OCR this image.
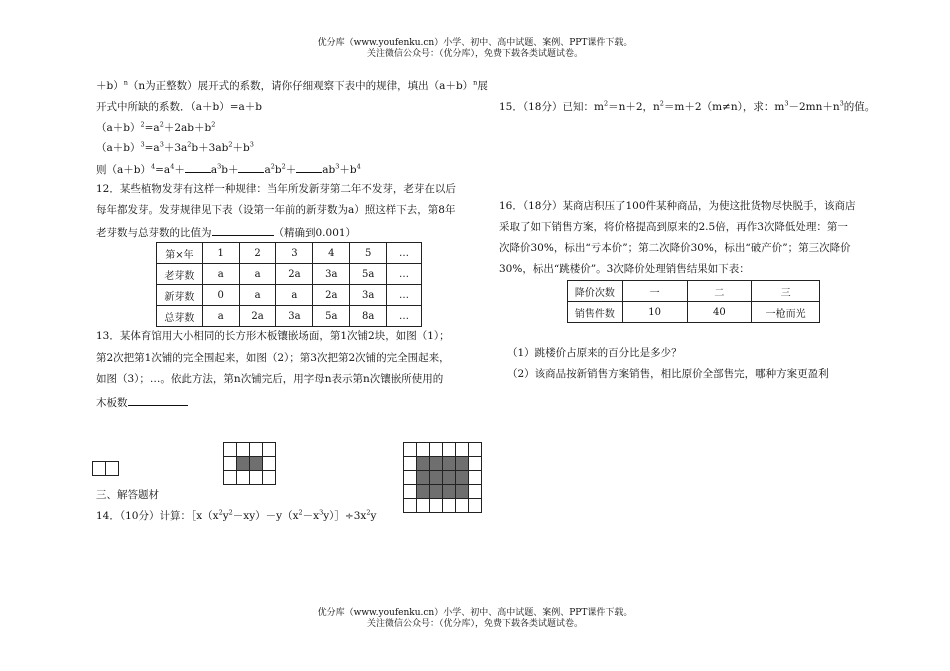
优分库（www.youfenku.cn）小学、初中、高中试题、案例、PPT课件下载。
关注微信公众号：（优分库），免费下载各类试题试卷。
＋b）$^n$（n为正整数）展开式的系数，请你仔细观察下表中的规律，填出$(a+b)^n$展
开式中所缺的系数．（a＋b）=a＋b
$(a+b)^2=a^2+2ab+b^2$
$(a+b)^3=a^3+3a^2b+3ab^2+b^3$
则$(a+b)^4=a^4+ a^3b+ a^2b^2+ ab^3+b^4$
12．某些植物发芽有这样一种规律：当年所发新芽第二年不发芽，老芽在以后
每年都发芽。发芽规律见下表（设第一年前的新芽数为a）照这样下去，第8年
老芽数与总芽数的比值为	（精确到0.001）
第×年	1	2	3	4	5	…
老芽数	a	a	2a	3a	5a	…
新芽数	0	a	a	2a	3a	…
总芽数	a	2a	3a	5a	8a	…
13．某体育馆用大小相同的长方形木板镶嵌场面，第1次铺2块，如图（1）；
第2次把第1次铺的完全围起来，如图（2）；第3次把第2次铺的完全围起来，
如图（3）；…。依此方法，第n次铺完后，用字母n表示第n次镶嵌所使用的
木板数
三、解答题材
14．（10分）计算：$[x(x^2y^2-xy)-y(x^2-x^3y)]\div 3x^2y$
15．（18分）已知：$m^2=n+2$，$n^2=m+2(m\ne n)$，求：$m^3-2mn+n^3$的值。
16．（18分）某商店积压了100件某种商品，为使这批货物尽快脱手，该商店
采取了如下销售方案，将价格提高到原来的2.5倍，再作3次降低处理：第一
次降价30%，标出“亏本价”；第二次降价30%，标出“破产价”；第三次降价
30%，标出“跳楼价”。3次降价处理销售结果如下表：
降价次数	一	二	三
销售件数	10	40	一枪而光
（1）跳楼价占原来的百分比是多少？
（2）该商品按新销售方案销售，相比原价全部售完，哪种方案更盈利
优分库（www.youfenku.cn）小学、初中、高中试题、案例、PPT课件下载。
关注微信公众号：（优分库），免费下载各类试题试卷。
